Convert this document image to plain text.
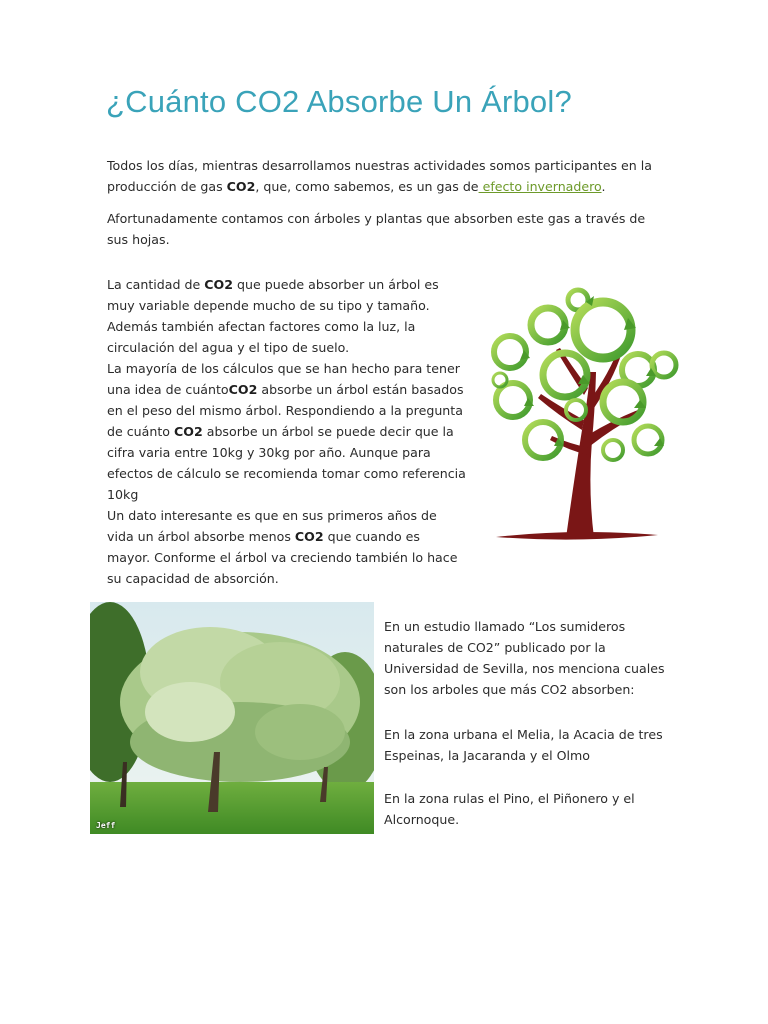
¿Cuánto CO2 Absorbe Un Árbol?

Todos los días, mientras desarrollamos nuestras actividades somos participantes en la producción de gas CO2, que, como sabemos, es un gas de efecto invernadero.

Afortunadamente contamos con árboles y plantas que absorben este gas a través de sus hojas.

La cantidad de CO2 que puede absorber un árbol es muy variable depende mucho de su tipo y tamaño. Además también afectan factores como la luz, la circulación del agua y el tipo de suelo.
La mayoría de los cálculos que se han hecho para tener una idea de cuántoCO2 absorbe un árbol están basados en el peso del mismo árbol. Respondiendo a la pregunta de cuánto CO2 absorbe un árbol se puede decir que la cifra varia entre 10kg y 30kg por año. Aunque para efectos de cálculo se recomienda tomar como referencia 10kg
Un dato interesante es que en sus primeros años de vida un árbol absorbe menos CO2 que cuando es mayor. Conforme el árbol va creciendo también lo hace su capacidad de absorción.

Jeff

En un estudio llamado “Los sumideros naturales de CO2” publicado por la Universidad de Sevilla, nos menciona cuales son los arboles que más CO2 absorben:

En la zona urbana el Melia, la Acacia de tres Espeinas, la Jacaranda y el Olmo

En la zona rulas el Pino, el Piñonero y el Alcornoque.
